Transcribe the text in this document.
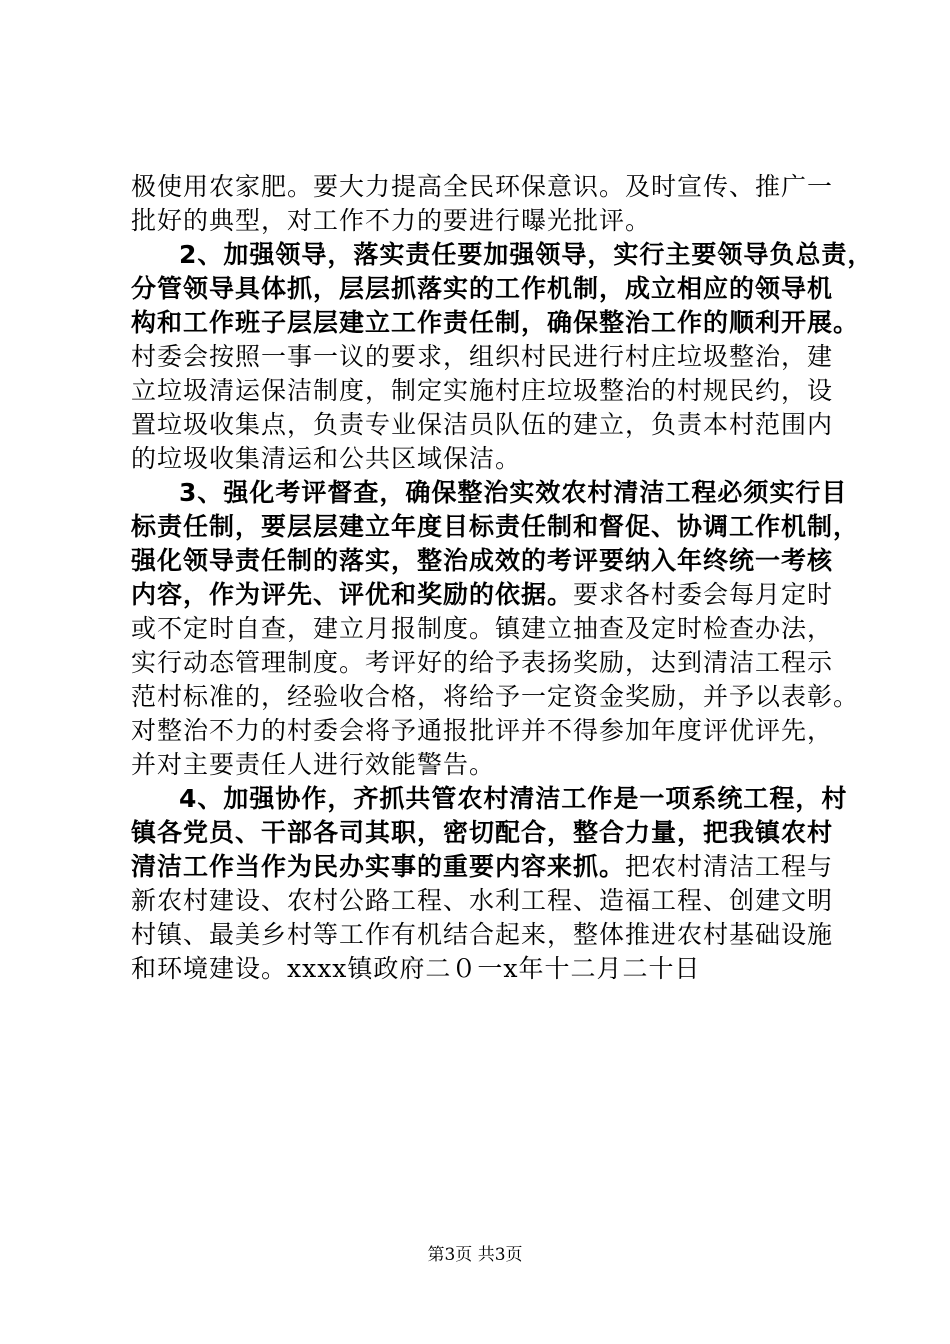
极使用农家肥。要大力提高全民环保意识。及时宣传、推广一
批好的典型，对工作不力的要进行曝光批评。
2、加强领导，落实责任要加强领导，实行主要领导负总责，
分管领导具体抓，层层抓落实的工作机制，成立相应的领导机
构和工作班子层层建立工作责任制，确保整治工作的顺利开展。
村委会按照一事一议的要求，组织村民进行村庄垃圾整治，建
立垃圾清运保洁制度，制定实施村庄垃圾整治的村规民约，设
置垃圾收集点，负责专业保洁员队伍的建立，负责本村范围内
的垃圾收集清运和公共区域保洁。
3、强化考评督查，确保整治实效农村清洁工程必须实行目
标责任制，要层层建立年度目标责任制和督促、协调工作机制，
强化领导责任制的落实，整治成效的考评要纳入年终统一考核
内容，作为评先、评优和奖励的依据。要求各村委会每月定时
或不定时自查，建立月报制度。镇建立抽查及定时检查办法，
实行动态管理制度。考评好的给予表扬奖励，达到清洁工程示
范村标准的，经验收合格，将给予一定资金奖励，并予以表彰。
对整治不力的村委会将予通报批评并不得参加年度评优评先，
并对主要责任人进行效能警告。
4、加强协作，齐抓共管农村清洁工作是一项系统工程，村
镇各党员、干部各司其职，密切配合，整合力量，把我镇农村
清洁工作当作为民办实事的重要内容来抓。把农村清洁工程与
新农村建设、农村公路工程、水利工程、造福工程、创建文明
村镇、最美乡村等工作有机结合起来，整体推进农村基础设施
和环境建设。xxxx镇政府二０一x年十二月二十日
第3页 共3页
